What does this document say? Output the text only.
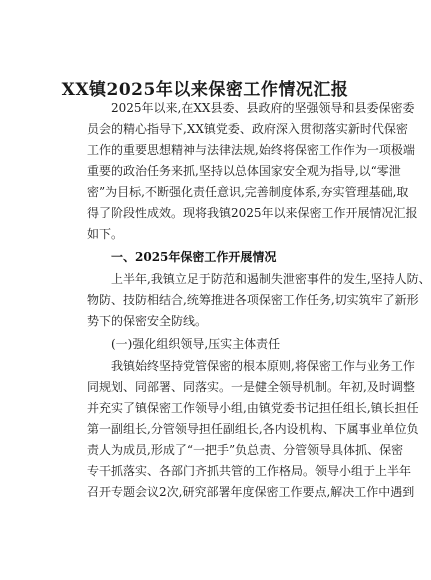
XX镇2025年以来保密工作情况汇报
2025年以来,在XX县委、县政府的坚强领导和县委保密委
员会的精心指导下,XX镇党委、政府深入贯彻落实新时代保密
工作的重要思想精神与法律法规,始终将保密工作作为一项极端
重要的政治任务来抓,坚持以总体国家安全观为指导,以“零泄
密”为目标,不断强化责任意识,完善制度体系,夯实管理基础,取
得了阶段性成效。现将我镇2025年以来保密工作开展情况汇报
如下。
一、2025年保密工作开展情况
上半年,我镇立足于防范和遏制失泄密事件的发生,坚持人防、
物防、技防相结合,统筹推进各项保密工作任务,切实筑牢了新形
势下的保密安全防线。
(一)强化组织领导,压实主体责任
我镇始终坚持党管保密的根本原则,将保密工作与业务工作
同规划、同部署、同落实。一是健全领导机制。年初,及时调整
并充实了镇保密工作领导小组,由镇党委书记担任组长,镇长担任
第一副组长,分管领导担任副组长,各内设机构、下属事业单位负
责人为成员,形成了“一把手”负总责、分管领导具体抓、保密
专干抓落实、各部门齐抓共管的工作格局。领导小组于上半年
召开专题会议2次,研究部署年度保密工作要点,解决工作中遇到
